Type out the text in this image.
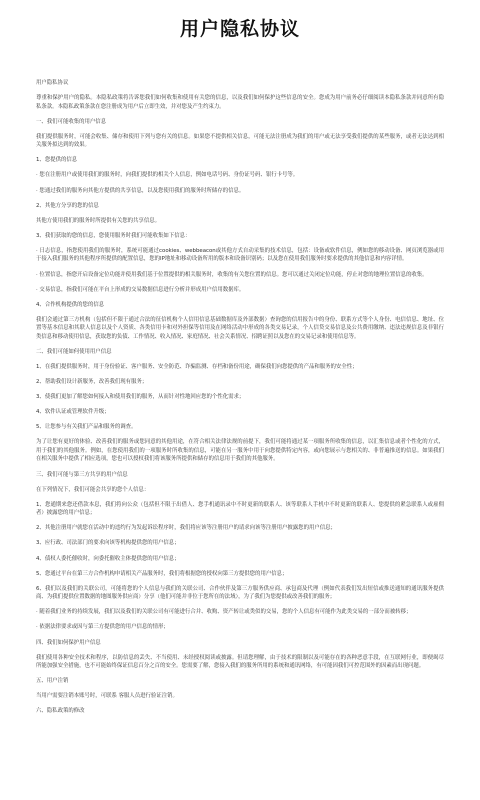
用户隐私协议

用户隐私协议

尊重和保护用户的隐私。本隐私政策将告诉您我们如何收集和使用有关您的信息，以及我们如何保护这些信息的安全。您成为用户前务必仔细阅读本隐私条款并同意所有隐私条款。本隐私政策条款在您注册成为用户后立即生效，并对您及产生约束力。

一、我们可能收集的用户信息

我们提供服务时，可能会收集、储存和使用下列与您有关的信息。如果您不提供相关信息，可能无法注册成为我们的用户或无法享受我们提供的某些服务，或者无法达到相关服务拟达到的效果。

1、您提供的信息

· 您在注册用户或使用我们的服务时，向我们提供的相关个人信息，例如电话号码、身份证号码、银行卡号等。

· 您通过我们的服务向其他方提供的共享信息，以及您使用我们的服务时所储存的信息。

2、其他方分享的您的信息

其他方使用我们的服务时所提供有关您的共享信息。

3、我们获取的您的信息，您使用服务时我们可能收集如下信息：

· 日志信息，指您使用我们的服务时，系统可能通过cookies、webbeacon或其他方式自动采集的技术信息，包括：设备或软件信息，例如您的移动设备、网页浏览器或用于接入我们服务的其他程序所提供的配置信息，您的IP地址和移动设备所用的版本和设备识别码；以及您在使用我们服务时要求提供的其他信息和内容详情。

· 位置信息，指您开启设备定位功能并使用我们基于位置提供的相关服务时，收集的有关您位置的信息。您可以通过关闭定位功能，停止对您的地理位置信息的收集。

· 交易信息，指我们可能在平台上形成的交易数据信息进行分析并形成用户信用数据库。

4、合作机构提供的您的信息

我们会通过第三方机构（包括但不限于通过合法的征信机构个人信用信息基础数据库及外部数据）查询您的信用报告中的身份、联系方式等个人身份、电信信息、地址、位置等基本信息和其联人信息以及个人资质、各类信用卡和对外担保等信用及在网络活动中形成的各类交易记录，个人信贷交易信息及公共费用缴纳、违法违规信息及非银行类信息和移动使用信息，获取您的负债、工作情况、收入情况、家庭情况、社会关系情况、招聘证照以及您在的交易记录和使用信息等。

二、我们可能如何使用用户信息

1、在我们提供服务时，用于身份验证、客户服务、安全防范、诈骗监测、存档和备份用途，确保我们向您提供的产品和服务的安全性；

2、帮助我们设计新服务，改善我们现有服务；

3、使我们更加了解您如何接入和使用我们的服务，从而针对性地回应您的个性化需求；

4、软件认证或管理软件升级；

5、让您参与有关我们产品和服务的调查。

为了让您有更好的体验、改善我们的服务或您同意的其他用途，在符合相关法律法规的前提下，我们可能将通过某一项服务所收集的信息，以汇集信息或者个性化的方式，用于我们的其他服务。例如，在您使用我们的一项服务时所收集的信息，可能在另一服务中用于向您提供特定内容，或向您展示与您相关的、非普遍推送的信息。如果我们在相关服务中提供了相应选项，您也可以授权我们将该服务所提供和储存的信息用于我们的其他服务。

三、我们可能与第三方共享的用户信息

在下列情况下，我们可能会共享的您个人信息：

1、您通期来您还借款本息，我们将向公众（包括但不限于出借人、您手机通讯录中不时更新的联系人、该等联系人手机中不时更新的联系人、您提供的紧急联系人或雇佣者）披露您的用户信息；

2、其他注册用户就您在活动中的违约行为发起诉讼程序时，我们将应该等注册用户的请求向该等注册用户披露您的用户信息；

3、应行政、司法部门的要求向该等机构提供您的用户信息；

4、债权人委托催收时，向委托催收主体提供您的用户信息；

5、您通过平台在第三方合作机构申请相关产品服务时，我们将根据您的授权向第三方提供您的用户信息；

6、我们以及我们的关联公司，可能将您的个人信息与我们的关联公司、合作伙伴及第三方服务供应商、承包商及代理（例如代表我们发出短信或推送通知的通讯服务提供商、为我们提供位置数据的地图服务供应商）分享（他们可能并非位于您所在的法域），为了我们为您提供或改善我们的服务；

· 随着我们业务的持续发展，我们以及我们的关联公司有可能进行合并、收购、资产转让或类似的交易，您的个人信息有可能作为此类交易的一部分而被转移；

· 依据法律要求或因与第三方提供您的用户信息的情形；

四、我们如何保护用户信息

我们使用各种安全技术和程序，以防信息的丢失、不当使用、未经授权阅读或披露。但请您理解，由于技术的限制以及可能存在的各种恶意手段，在互联网行业，即便竭尽所能加强安全措施，也不可能始终保证信息百分之百的安全。您需要了解，您接入我们的服务所用的系统和通讯网络，有可能因我们可控范围外的因素而出现问题。

五、用户注销

当用户需要注销本账号时，可联系 客服人员进行验证注销。

六、隐私政策的修改
